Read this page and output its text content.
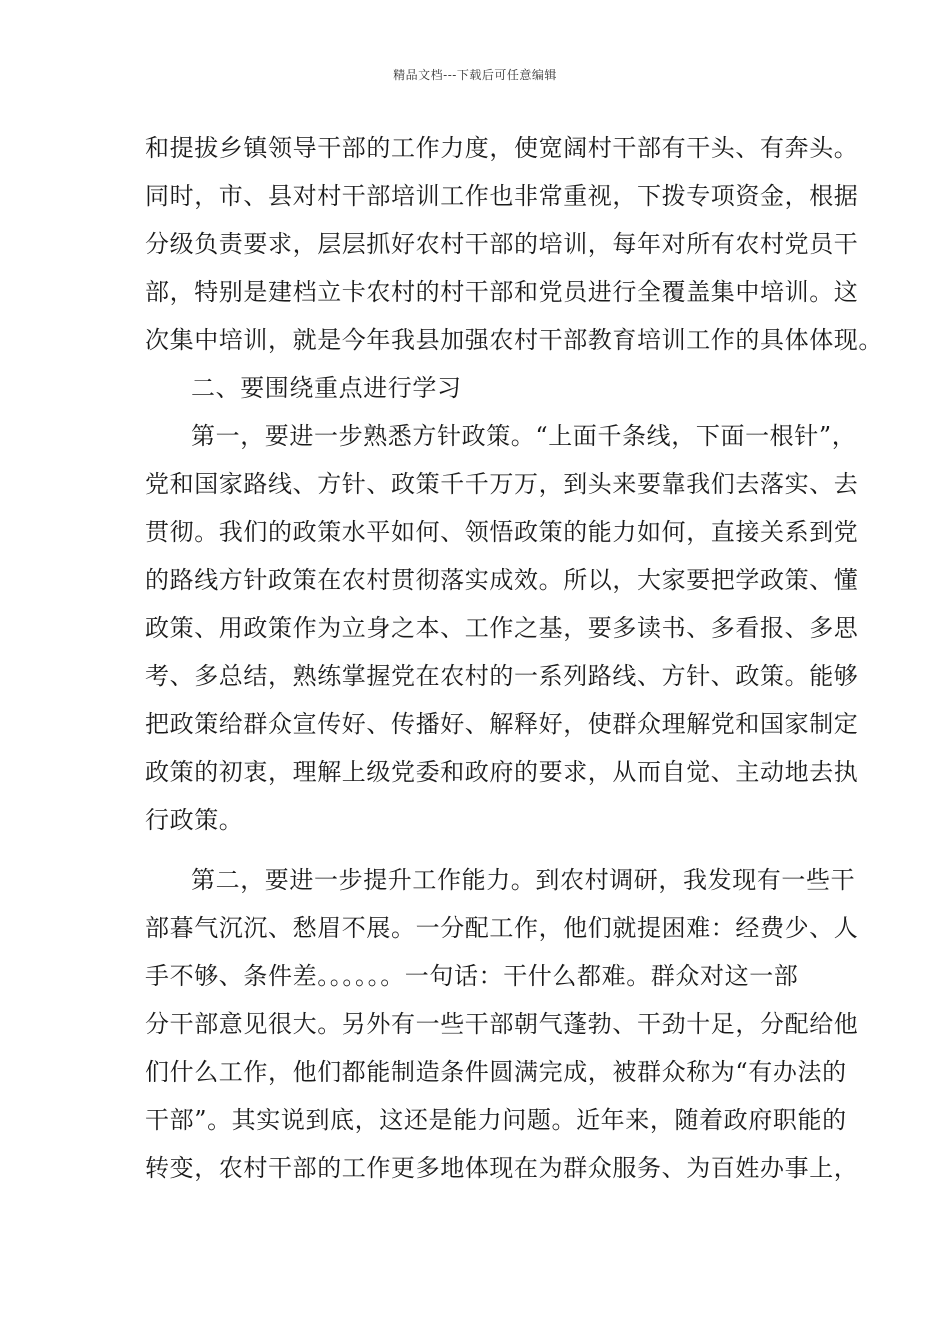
精品文档---下载后可任意编辑
和提拔乡镇领导干部的工作力度，使宽阔村干部有干头、有奔头。
同时，市、县对村干部培训工作也非常重视，下拨专项资金，根据
分级负责要求，层层抓好农村干部的培训，每年对所有农村党员干
部，特别是建档立卡农村的村干部和党员进行全覆盖集中培训。这
次集中培训，就是今年我县加强农村干部教育培训工作的具体体现。
二、要围绕重点进行学习
第一，要进一步熟悉方针政策。“上面千条线，下面一根针”，
党和国家路线、方针、政策千千万万，到头来要靠我们去落实、去
贯彻。我们的政策水平如何、领悟政策的能力如何，直接关系到党
的路线方针政策在农村贯彻落实成效。所以，大家要把学政策、懂
政策、用政策作为立身之本、工作之基，要多读书、多看报、多思
考、多总结，熟练掌握党在农村的一系列路线、方针、政策。能够
把政策给群众宣传好、传播好、解释好，使群众理解党和国家制定
政策的初衷，理解上级党委和政府的要求，从而自觉、主动地去执
行政策。
第二，要进一步提升工作能力。到农村调研，我发现有一些干
部暮气沉沉、愁眉不展。一分配工作，他们就提困难：经费少、人
手不够、条件差。。。。。。一句话：干什么都难。群众对这一部
分干部意见很大。另外有一些干部朝气蓬勃、干劲十足，分配给他
们什么工作，他们都能制造条件圆满完成，被群众称为“有办法的
干部”。其实说到底，这还是能力问题。近年来，随着政府职能的
转变，农村干部的工作更多地体现在为群众服务、为百姓办事上，
